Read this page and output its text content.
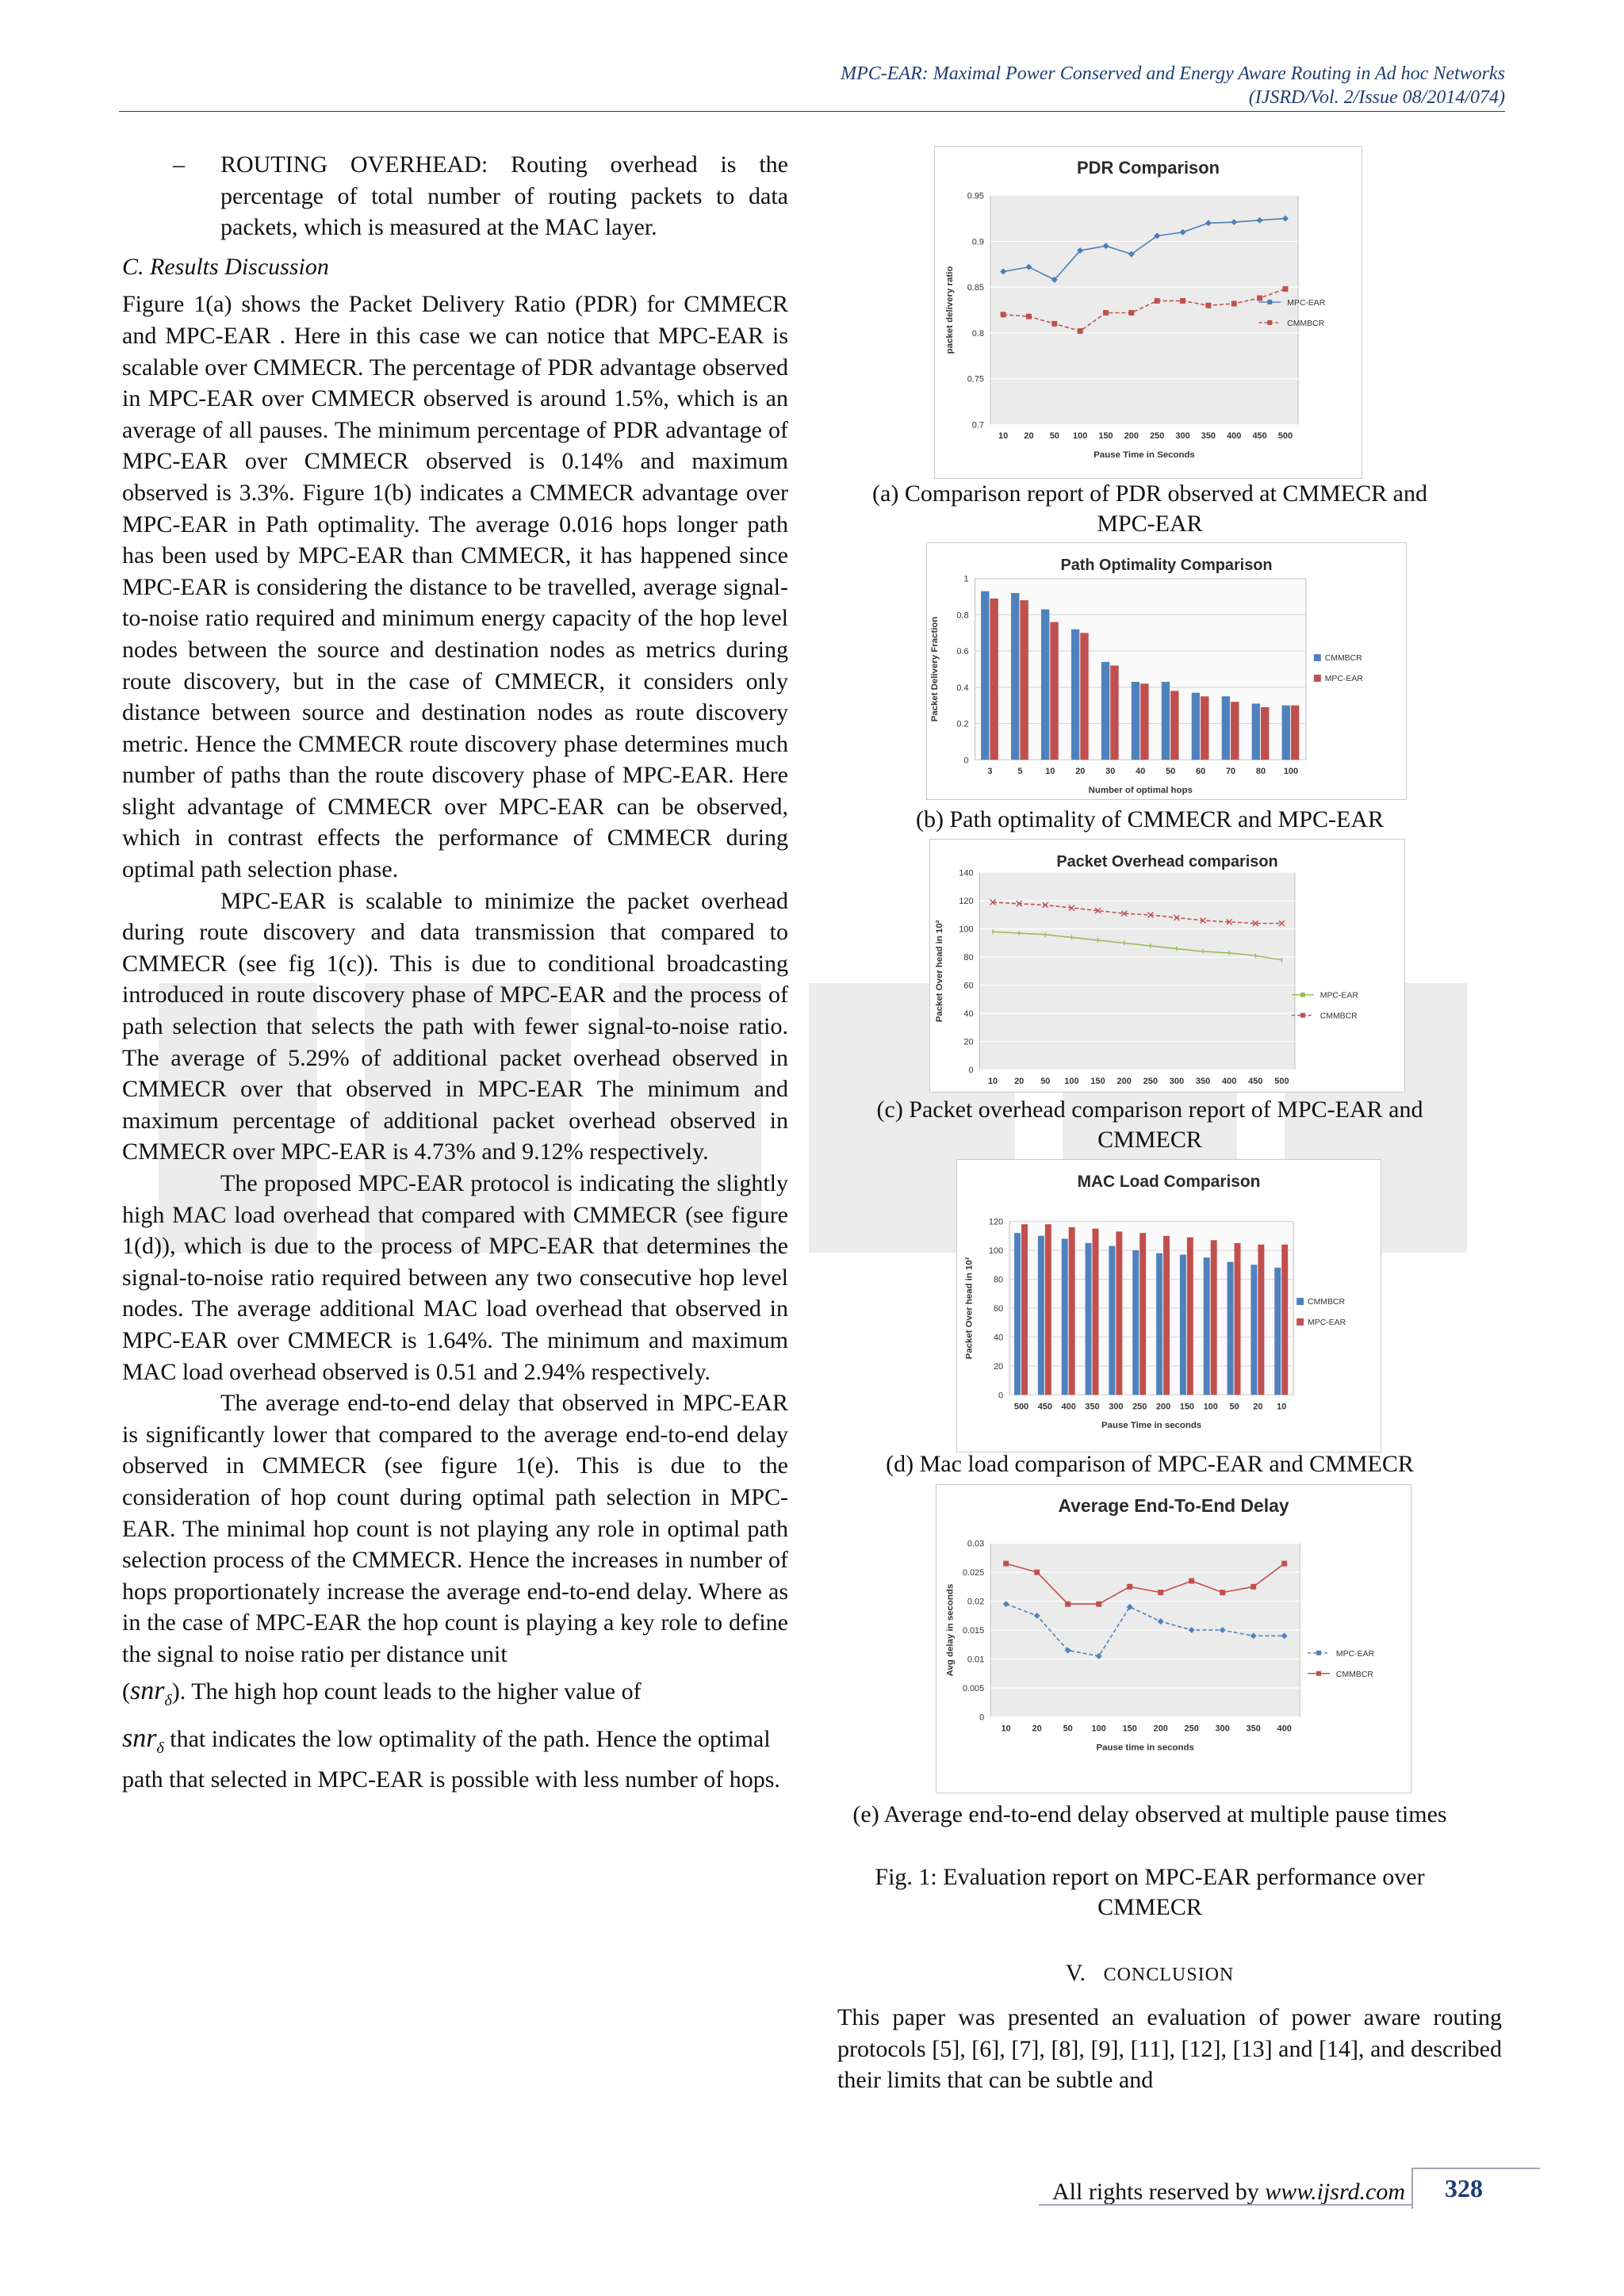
MPC-EAR: Maximal Power Conserved and Energy Aware Routing in Ad hoc Networks
(IJSRD/Vol. 2/Issue 08/2014/074)

– ROUTING OVERHEAD: Routing overhead is the percentage of total number of routing packets to data packets, which is measured at the MAC layer.

C. Results Discussion

Figure 1(a) shows the Packet Delivery Ratio (PDR) for CMMECR and MPC-EAR . Here in this case we can notice that MPC-EAR is scalable over CMMECR. The percentage of PDR advantage observed in MPC-EAR over CMMECR observed is around 1.5%, which is an average of all pauses. The minimum percentage of PDR advantage of MPC-EAR over CMMECR observed is 0.14% and maximum observed is 3.3%. Figure 1(b) indicates a CMMECR advantage over MPC-EAR in Path optimality. The average 0.016 hops longer path has been used by MPC-EAR than CMMECR, it has happened since MPC-EAR is considering the distance to be travelled, average signal-to-noise ratio required and minimum energy capacity of the hop level nodes between the source and destination nodes as metrics during route discovery, but in the case of CMMECR, it considers only distance between source and destination nodes as route discovery metric. Hence the CMMECR route discovery phase determines much number of paths than the route discovery phase of MPC-EAR. Here slight advantage of CMMECR over MPC-EAR can be observed, which in contrast effects the performance of CMMECR during optimal path selection phase.

MPC-EAR is scalable to minimize the packet overhead during route discovery and data transmission that compared to CMMECR (see fig 1(c)). This is due to conditional broadcasting introduced in route discovery phase of MPC-EAR and the process of path selection that selects the path with fewer signal-to-noise ratio. The average of 5.29% of additional packet overhead observed in CMMECR over that observed in MPC-EAR The minimum and maximum percentage of additional packet overhead observed in CMMECR over MPC-EAR is 4.73% and 9.12% respectively.

The proposed MPC-EAR protocol is indicating the slightly high MAC load overhead that compared with CMMECR (see figure 1(d)), which is due to the process of MPC-EAR that determines the signal-to-noise ratio required between any two consecutive hop level nodes. The average additional MAC load overhead that observed in MPC-EAR over CMMECR is 1.64%. The minimum and maximum MAC load overhead observed is 0.51 and 2.94% respectively.

The average end-to-end delay that observed in MPC-EAR is significantly lower that compared to the average end-to-end delay observed in CMMECR (see figure 1(e). This is due to the consideration of hop count during optimal path selection in MPC-EAR. The minimal hop count is not playing any role in optimal path selection process of the CMMECR. Hence the increases in number of hops proportionately increase the average end-to-end delay. Where as in the case of MPC-EAR the hop count is playing a key role to define the signal to noise ratio per distance unit

(snr$_\delta$). The high hop count leads to the higher value of

snr$_\delta$ that indicates the low optimality of the path. Hence the optimal path that selected in MPC-EAR is possible with less number of hops.

PDR Comparison
0.7
0.75
0.8
0.85
0.9
0.95
Pause Time in Seconds
packet delivery ratio
10 20 50 100 150 200 250 300 350 400 450 500
MPC-EAR
CMMBCR
(a) Comparison report of PDR observed at CMMECR and MPC-EAR
Path Optimality Comparison
0
0.2
0.4
0.6
0.8
1
Number of optimal hops
Packet Delivery Fraction
3	5	10 20 30 40 50 60 70 80 100
CMMBCR
MPC-EAR
(b) Path optimality of CMMECR and MPC-EAR
Packet Overhead comparison
0
20
40
60
80
100
120
140
Packet Over head in 10²
10 20 50 100 150 200 250 300 350 400 450 500
MPC-EAR
CMMBCR
(c) Packet overhead comparison report of MPC-EAR and CMMECR
MAC Load Comparison
0
20
40
60
80
100
120
Pause Time in seconds
Packet Over head in 10²
500 450 400 350 300 250 200 150 100 50 20 10
CMMBCR
MPC-EAR
(d) Mac load comparison of MPC-EAR and CMMECR
Average End-To-End Delay
0
0.005
0.01
0.015
0.02
0.025
0.03
Pause time in seconds
Avg delay in seconds
10 20 50 100 150 200 250 300 350 400
MPC-EAR
CMMBCR
(e) Average end-to-end delay observed at multiple pause times
Fig. 1: Evaluation report on MPC-EAR performance over CMMECR
V. CONCLUSION
This paper was presented an evaluation of power aware routing protocols [5], [6], [7], [8], [9], [11], [12], [13] and [14], and described their limits that can be subtle and
All rights reserved by www.ijsrd.com 328
